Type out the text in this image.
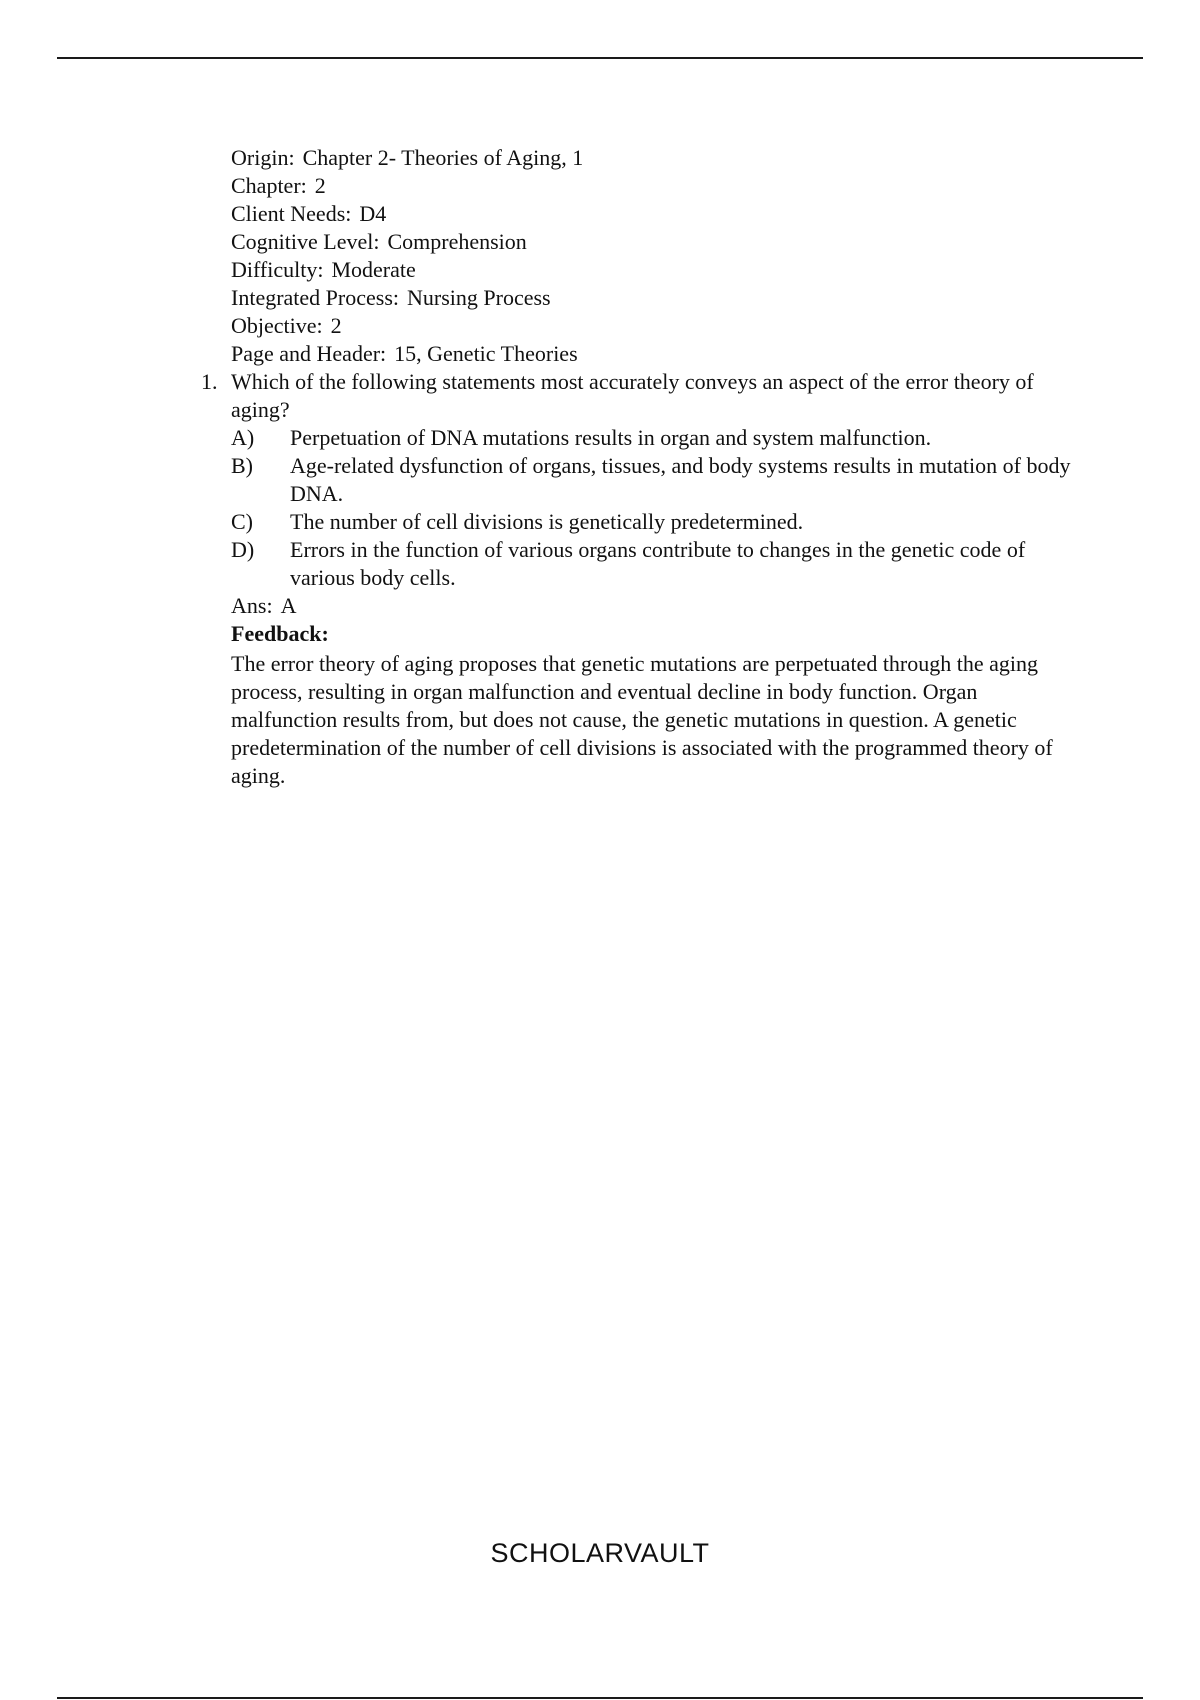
Origin: Chapter 2- Theories of Aging, 1
Chapter: 2
Client Needs: D4
Cognitive Level: Comprehension
Difficulty: Moderate
Integrated Process: Nursing Process
Objective: 2
Page and Header: 15, Genetic Theories
1. Which of the following statements most accurately conveys an aspect of the error theory of aging?
A) Perpetuation of DNA mutations results in organ and system malfunction.
B) Age-related dysfunction of organs, tissues, and body systems results in mutation of body DNA.
C) The number of cell divisions is genetically predetermined.
D) Errors in the function of various organs contribute to changes in the genetic code of various body cells.
Ans: A
Feedback:
The error theory of aging proposes that genetic mutations are perpetuated through the aging process, resulting in organ malfunction and eventual decline in body function. Organ malfunction results from, but does not cause, the genetic mutations in question. A genetic predetermination of the number of cell divisions is associated with the programmed theory of aging.
SCHOLARVAULT
